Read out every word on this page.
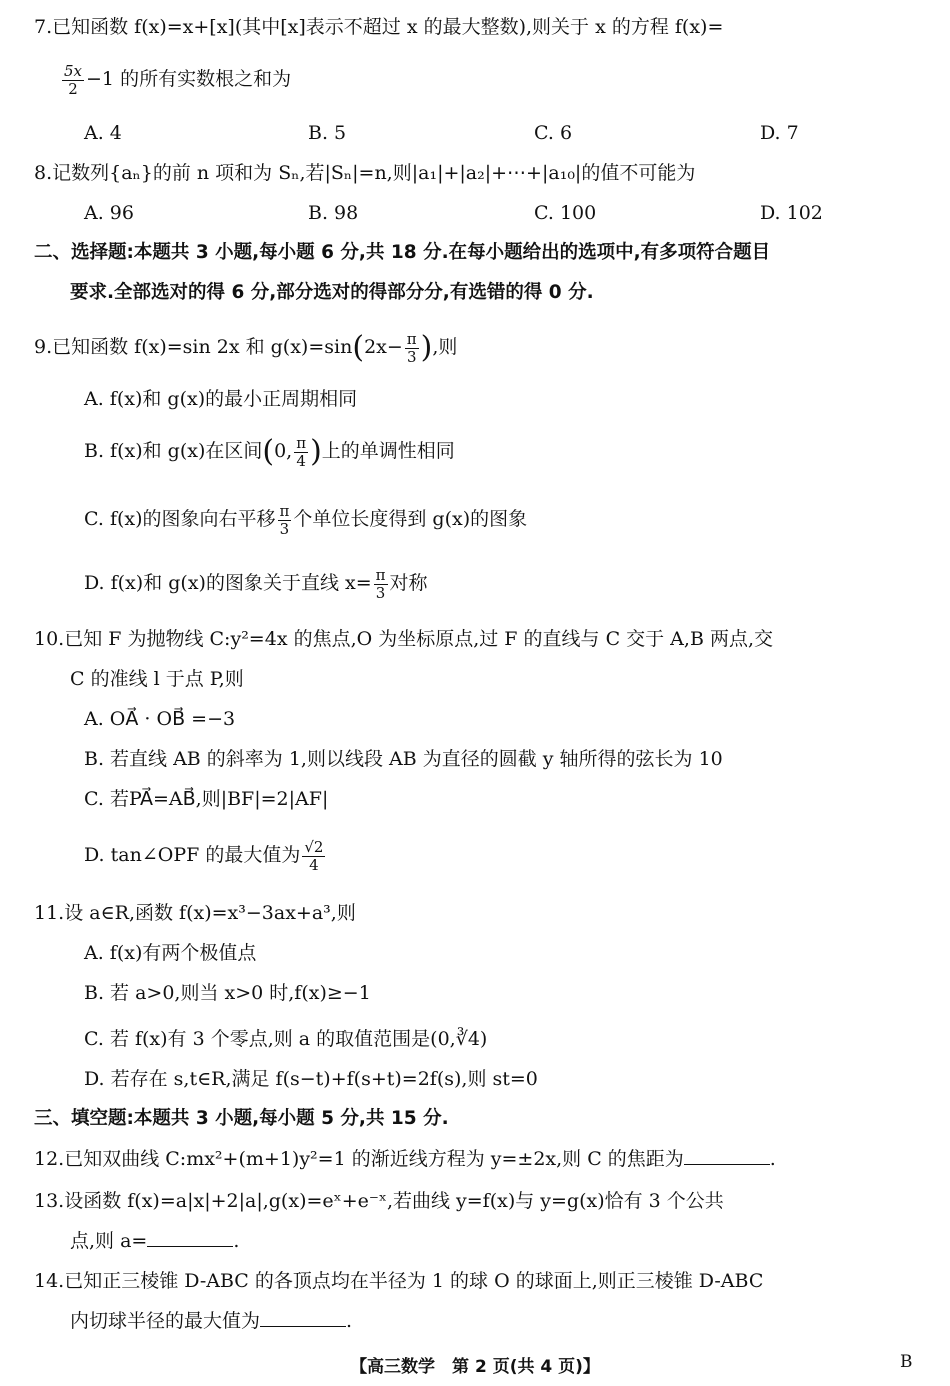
7.已知函数 f(x)=x+[x](其中[x]表示不超过 x 的最大整数),则关于 x 的方程 f(x)=
$\frac{5x}{2} -1$ 的所有实数根之和为
A. 4	B. 5	C. 6	D. 7
8.记数列{aₙ}的前 n 项和为 Sₙ,若|Sₙ|=n,则|a₁|+|a₂|+⋯+|a₁₀|的值不可能为
A. 96	B. 98	C. 100	D. 102
二、选择题:本题共 3 小题,每小题 6 分,共 18 分.在每小题给出的选项中,有多项符合题目
要求.全部选对的得 6 分,部分选对的得部分分,有选错的得 0 分.
9.已知函数 f(x)=sin 2x 和 $g(x)=\sin(2x- \frac{\pi}{3}$ ),则
A. f(x)和 g(x)的最小正周期相同
B. f(x)和 g(x)在区间(0, $\frac{\pi}{4}$ )上的单调性相同
C. f(x)的图象向右平移 $\frac{\pi}{3}$ 个单位长度得到 g(x)的图象
D. f(x)和 g(x)的图象关于直线 $x= \frac{\pi}{3}$ 对称
10.已知 F 为抛物线 C:y²=4x 的焦点,O 为坐标原点,过 F 的直线与 C 交于 A,B 两点,交
C 的准线 l 于点 P,则
A. OA⃗ · OB⃗ =−3
B. 若直线 AB 的斜率为 1,则以线段 AB 为直径的圆截 y 轴所得的弦长为 10
C. 若PA⃗=AB⃗,则|BF|=2|AF|
D. tan∠OPF 的最大值为 $\frac{√2}{4}$
11.设 a∈R,函数 f(x)=x³−3ax+a³,则
A. f(x)有两个极值点
B. 若 a>0,则当 x>0 时,f(x)≥−1
C. 若 f(x)有 3 个零点,则 a 的取值范围是(0,∛4)
D. 若存在 s,t∈R,满足 f(s−t)+f(s+t)=2f(s),则 st=0
三、填空题:本题共 3 小题,每小题 5 分,共 15 分.
12.已知双曲线 C:mx²+(m+1)y²=1 的渐近线方程为 y=±2x,则 C 的焦距为	.
13.设函数 f(x)=a|x|+2|a|,g(x)=eˣ+e⁻ˣ,若曲线 y=f(x)与 y=g(x)恰有 3 个公共
点,则 a=	.
14.已知正三棱锥 D-ABC 的各顶点均在半径为 1 的球 O 的球面上,则正三棱锥 D-ABC
内切球半径的最大值为	.
【高三数学　第 2 页(共 4 页)】	B
